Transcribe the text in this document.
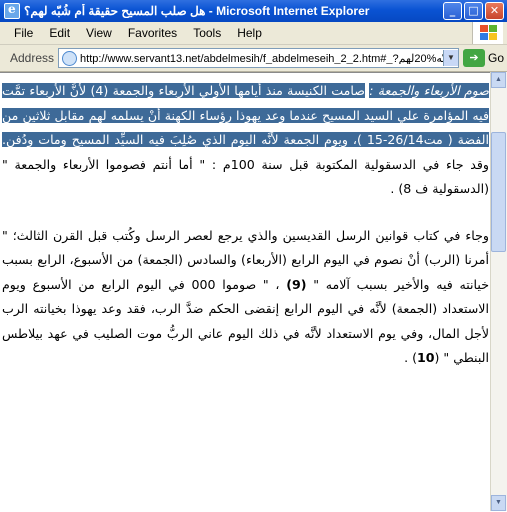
e
هل صلب المسيح حقيقة أم شُبّه لهم؟ - Microsoft Internet Explorer	_	□	✕
File	Edit	View	Favorites	Tools	Help
Address
http://www.servant13.net/abdelmesih/f_abdelmeseih_2_2.htm#_?شُبّه%20لهم	▼	➔ Go

صوم الأربعاء والجمعة : صامت الكنيسة منذ أيامها الأولي الأربعاء والجمعة (4) لأنَّ الأربعاء تمَّت فيه المؤامرة علي السيد المسيح عندما وعد يهوذا رؤساء الكهنة أنْ يسلمه لهم مقابل ثلاثين من الفضة ( مت26/14-15 )، ويوم الجمعة لأنَّه اليوم الذي صُلِبَ فيه السيِّد المسيح ومات ودُفن. وقد جاء في الدسقولية المكتوبة قبل سنة 100م : " أما أنتم فصوموا الأربعاء والجمعة " (الدسقولية ف 8) .

وجاء في كتاب قوانين الرسل القديسين والذي يرجع لعصر الرسل وكُتب قبل القرن الثالث؛ " أمرنا (الرب) أنْ نصوم في اليوم الرابع (الأربعاء) والسادس (الجمعة) من الأسبوع، الرابع بسبب خيانته فيه والأخير بسبب آلامه " (9) ، " صوموا 000 في اليوم الرابع من الأسبوع ويوم الاستعداد (الجمعة) لأنَّه في اليوم الرابع إنقضى الحكم ضدَّ الرب، فقد وعد يهوذا بخيانته الرب لأجل المال، وفي يوم الاستعداد لأنَّه في ذلك اليوم عاني الربُّ موت الصليب في عهد بيلاطس البنطي " (10) .

▲
▼
